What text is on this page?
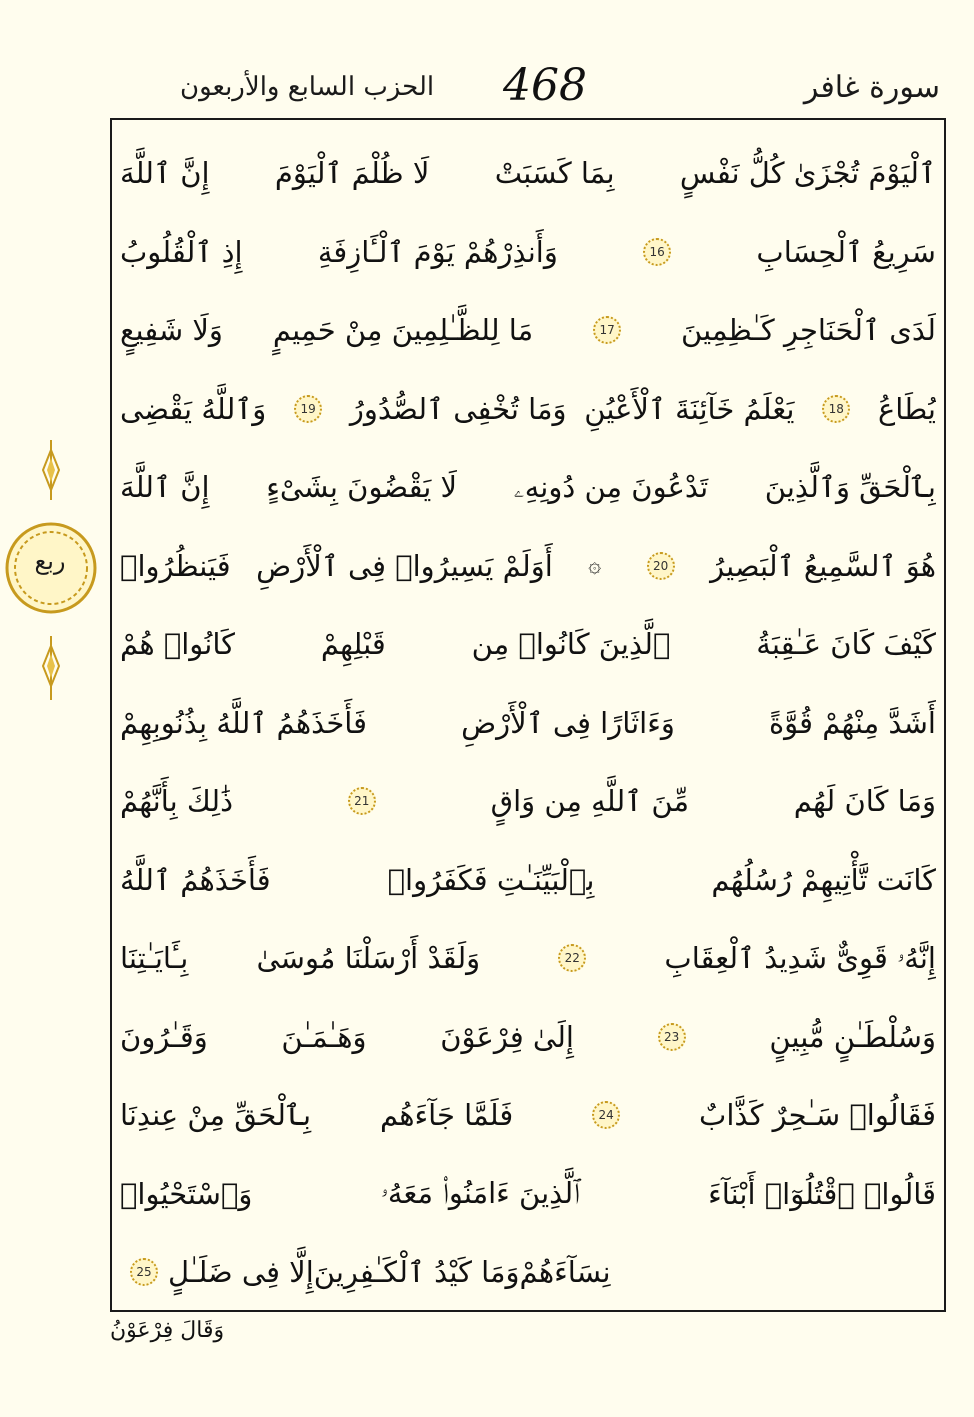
الحزب السابع والأربعون 468	سورة غافر
ربع
ٱلْيَوْمَ تُجْزَىٰ كُلُّ نَفْسٍ
بِمَا كَسَبَتْ
لَا ظُلْمَ ٱلْيَوْمَ
إِنَّ ٱللَّهَ
سَرِيعُ ٱلْحِسَابِ
16
وَأَنذِرْهُمْ يَوْمَ ٱلْـَٔازِفَةِ
إِذِ ٱلْقُلُوبُ
لَدَى ٱلْحَنَاجِرِ كَـٰظِمِينَ
17
مَا لِلظَّـٰلِمِينَ مِنْ حَمِيمٍ
وَلَا شَفِيعٍ
يُطَاعُ
18
يَعْلَمُ خَآئِنَةَ ٱلْأَعْيُنِ
وَمَا تُخْفِى ٱلصُّدُورُ
19
وَٱللَّهُ يَقْضِى
بِٱلْحَقِّ وَٱلَّذِينَ
تَدْعُونَ مِن دُونِهِۦ
لَا يَقْضُونَ بِشَىْءٍ
إِنَّ ٱللَّهَ
هُوَ ٱلسَّمِيعُ ٱلْبَصِيرُ
20
۞
أَوَلَمْ يَسِيرُوا۟ فِى ٱلْأَرْضِ
فَيَنظُرُوا۟
كَيْفَ كَانَ عَـٰقِبَةُ
ٱلَّذِينَ كَانُوا۟ مِن
قَبْلِهِمْ
كَانُوا۟ هُمْ
أَشَدَّ مِنْهُمْ قُوَّةً
وَءَاثَارًا فِى ٱلْأَرْضِ
فَأَخَذَهُمُ ٱللَّهُ بِذُنُوبِهِمْ
وَمَا كَانَ لَهُم
مِّنَ ٱللَّهِ مِن وَاقٍ
21
ذَٰلِكَ بِأَنَّهُمْ
كَانَت تَّأْتِيهِمْ رُسُلُهُم
بِٱلْبَيِّنَـٰتِ فَكَفَرُوا۟
فَأَخَذَهُمُ ٱللَّهُ
إِنَّهُۥ قَوِىٌّ شَدِيدُ ٱلْعِقَابِ
22
وَلَقَدْ أَرْسَلْنَا مُوسَىٰ
بِـَٔايَـٰتِنَا
وَسُلْطَـٰنٍ مُّبِينٍ
23
إِلَىٰ فِرْعَوْنَ
وَهَـٰمَـٰنَ
وَقَـٰرُونَ
فَقَالُوا۟ سَـٰحِرٌ كَذَّابٌ
24
فَلَمَّا جَآءَهُم
بِٱلْحَقِّ مِنْ عِندِنَا
قَالُوا۟ ٱقْتُلُوٓا۟ أَبْنَآءَ
ٱلَّذِينَ ءَامَنُوا۟ مَعَهُۥ
وَٱسْتَحْيُوا۟
نِسَآءَهُمْ
وَمَا كَيْدُ ٱلْكَـٰفِرِينَ
إِلَّا فِى ضَلَـٰلٍ
25
وَقَالَ فِرْعَوْنُ
